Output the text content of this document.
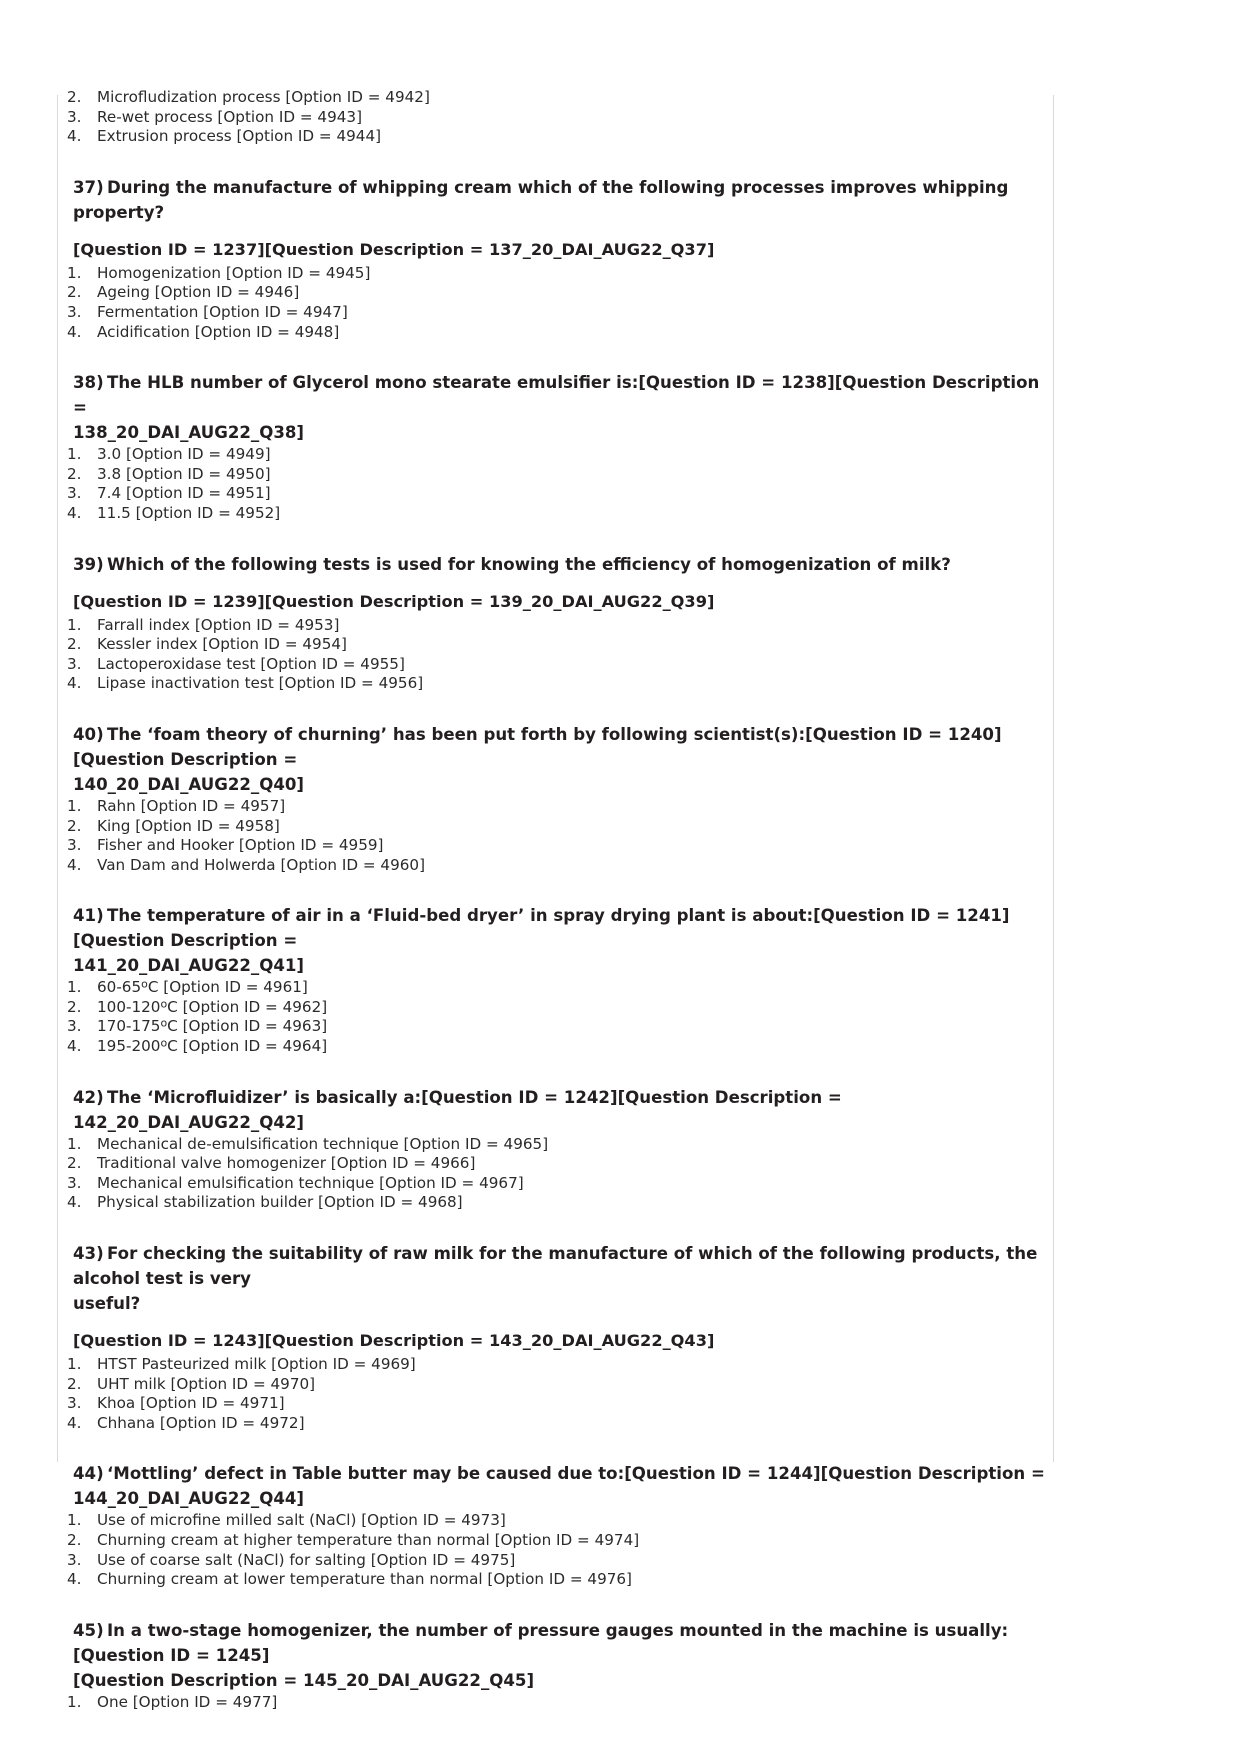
2.	Microfludization process [Option ID = 4942]
3.	Re-wet process [Option ID = 4943]
4.	Extrusion process [Option ID = 4944]
37) During the manufacture of whipping cream which of the following processes improves whipping property?
[Question ID = 1237][Question Description = 137_20_DAI_AUG22_Q37]
1.	Homogenization [Option ID = 4945]
2.	Ageing [Option ID = 4946]
3.	Fermentation [Option ID = 4947]
4.	Acidification [Option ID = 4948]
38) The HLB number of Glycerol mono stearate emulsifier is:[Question ID = 1238][Question Description =
138_20_DAI_AUG22_Q38]
1.	3.0 [Option ID = 4949]
2.	3.8 [Option ID = 4950]
3.	7.4 [Option ID = 4951]
4.	11.5 [Option ID = 4952]
39) Which of the following tests is used for knowing the efficiency of homogenization of milk?
[Question ID = 1239][Question Description = 139_20_DAI_AUG22_Q39]
1.	Farrall index [Option ID = 4953]
2.	Kessler index [Option ID = 4954]
3.	Lactoperoxidase test [Option ID = 4955]
4.	Lipase inactivation test [Option ID = 4956]
40) The ‘foam theory of churning’ has been put forth by following scientist(s):[Question ID = 1240][Question Description =
140_20_DAI_AUG22_Q40]
1.	Rahn [Option ID = 4957]
2.	King [Option ID = 4958]
3.	Fisher and Hooker [Option ID = 4959]
4.	Van Dam and Holwerda [Option ID = 4960]
41) The temperature of air in a ‘Fluid-bed dryer’ in spray drying plant is about:[Question ID = 1241][Question Description =
141_20_DAI_AUG22_Q41]
1.	60-65$^o$C [Option ID = 4961]
2.	100-120$^o$C [Option ID = 4962]
3.	170-175$^o$C [Option ID = 4963]
4.	195-200$^o$C [Option ID = 4964]
42) The ‘Microfluidizer’ is basically a:[Question ID = 1242][Question Description = 142_20_DAI_AUG22_Q42]
1.	Mechanical de-emulsification technique [Option ID = 4965]
2.	Traditional valve homogenizer [Option ID = 4966]
3.	Mechanical emulsification technique [Option ID = 4967]
4.	Physical stabilization builder [Option ID = 4968]
43) For checking the suitability of raw milk for the manufacture of which of the following products, the alcohol test is very
useful?
[Question ID = 1243][Question Description = 143_20_DAI_AUG22_Q43]
1.	HTST Pasteurized milk [Option ID = 4969]
2.	UHT milk [Option ID = 4970]
3.	Khoa [Option ID = 4971]
4.	Chhana [Option ID = 4972]
44) ‘Mottling’ defect in Table butter may be caused due to:[Question ID = 1244][Question Description =
144_20_DAI_AUG22_Q44]
1.	Use of microfine milled salt (NaCl) [Option ID = 4973]
2.	Churning cream at higher temperature than normal [Option ID = 4974]
3.	Use of coarse salt (NaCl) for salting [Option ID = 4975]
4.	Churning cream at lower temperature than normal [Option ID = 4976]
45) In a two-stage homogenizer, the number of pressure gauges mounted in the machine is usually:[Question ID = 1245]
[Question Description = 145_20_DAI_AUG22_Q45]
1.	One [Option ID = 4977]
